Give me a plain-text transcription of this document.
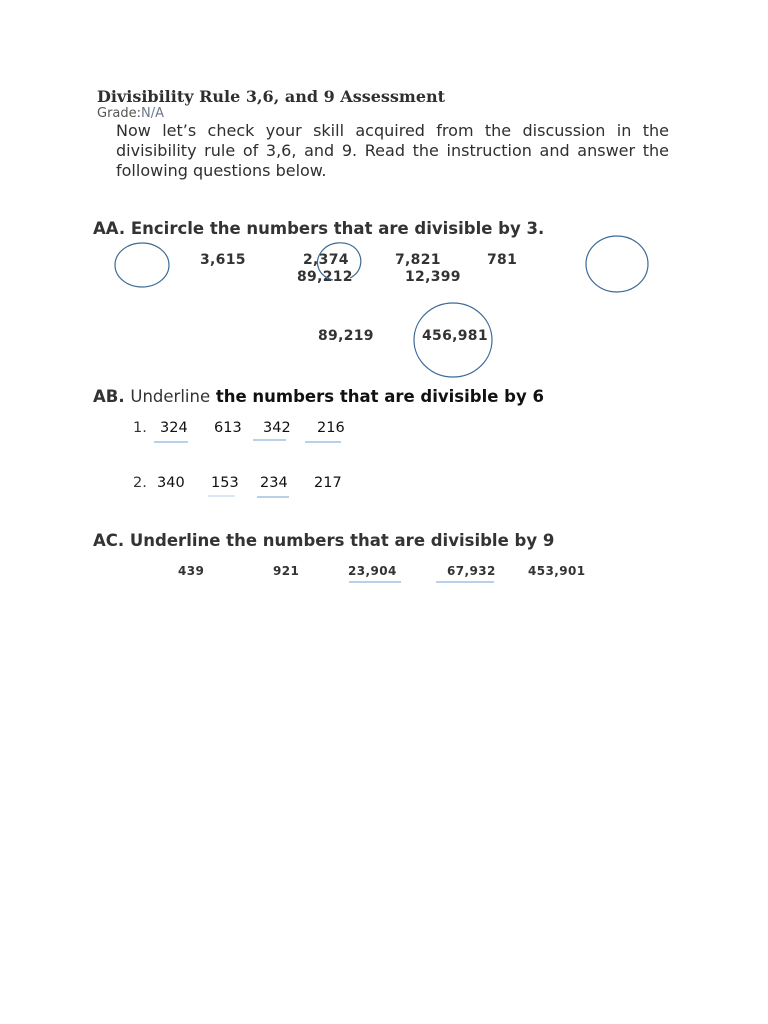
Divisibility Rule 3,6, and 9 Assessment
Grade:N/A
Now let’s check your skill acquired from the discussion in the divisibility rule of 3,6, and 9. Read the instruction and answer the following questions below.
AA. Encircle the numbers that are divisible by 3.
3,615	2,374	7,821	781
89,212	12,399
89,219	456,981
AB. Underline the numbers that are divisible by 6
1. 324 613 342 216
2. 340 153 234 217
AC. Underline the numbers that are divisible by 9
439	921	23,904	67,932	453,901
